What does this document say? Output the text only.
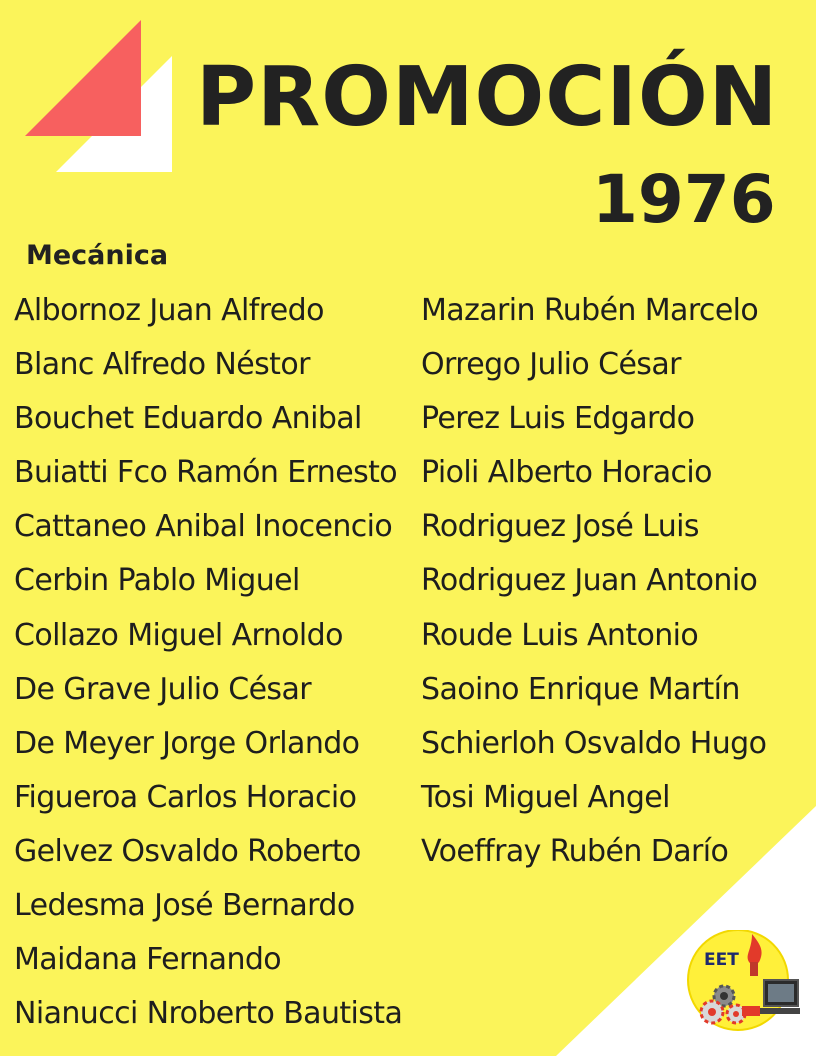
PROMOCIÓN
1976
Mecánica
Albornoz Juan Alfredo
Blanc Alfredo Néstor
Bouchet Eduardo Anibal
Buiatti Fco Ramón Ernesto
Cattaneo Anibal Inocencio
Cerbin Pablo Miguel
Collazo Miguel Arnoldo
De Grave Julio César
De Meyer Jorge Orlando
Figueroa Carlos Horacio
Gelvez Osvaldo Roberto
Ledesma José Bernardo
Maidana Fernando
Nianucci Nroberto Bautista
Mazarin Rubén Marcelo
Orrego Julio César
Perez Luis Edgardo
Pioli Alberto Horacio
Rodriguez José Luis
Rodriguez Juan Antonio
Roude Luis Antonio
Saoino Enrique Martín
Schierloh Osvaldo Hugo
Tosi Miguel Angel
Voeffray Rubén Darío
EET
